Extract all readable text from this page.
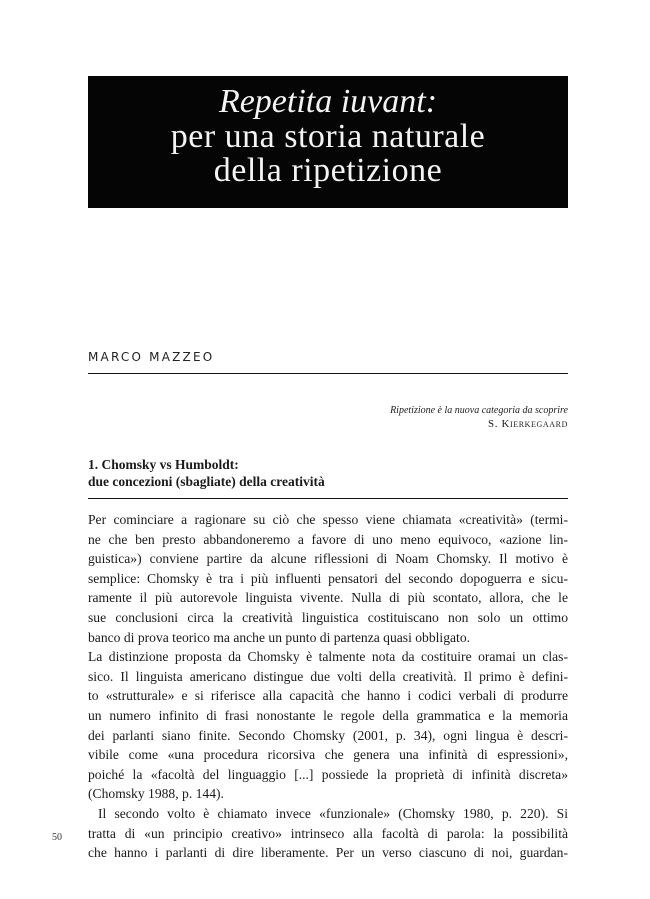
Repetita iuvant:
per una storia naturale
della ripetizione
MARCO MAZZEO
Ripetizione è la nuova categoria da scoprire
S. Kierkegaard
1. Chomsky vs Humboldt:
due concezioni (sbagliate) della creatività
Per cominciare a ragionare su ciò che spesso viene chiamata «creatività» (termi-
ne che ben presto abbandoneremo a favore di uno meno equivoco, «azione lin-
guistica») conviene partire da alcune riflessioni di Noam Chomsky. Il motivo è
semplice: Chomsky è tra i più influenti pensatori del secondo dopoguerra e sicu-
ramente il più autorevole linguista vivente. Nulla di più scontato, allora, che le
sue conclusioni circa la creatività linguistica costituiscano non solo un ottimo
banco di prova teorico ma anche un punto di partenza quasi obbligato.
La distinzione proposta da Chomsky è talmente nota da costituire oramai un clas-
sico. Il linguista americano distingue due volti della creatività. Il primo è defini-
to «strutturale» e si riferisce alla capacità che hanno i codici verbali di produrre
un numero infinito di frasi nonostante le regole della grammatica e la memoria
dei parlanti siano finite. Secondo Chomsky (2001, p. 34), ogni lingua è descri-
vibile come «una procedura ricorsiva che genera una infinità di espressioni»,
poiché la «facoltà del linguaggio [...] possiede la proprietà di infinità discreta»
(Chomsky 1988, p. 144).
Il secondo volto è chiamato invece «funzionale» (Chomsky 1980, p. 220). Si
tratta di «un principio creativo» intrinseco alla facoltà di parola: la possibilità
che hanno i parlanti di dire liberamente. Per un verso ciascuno di noi, guardan-
50
